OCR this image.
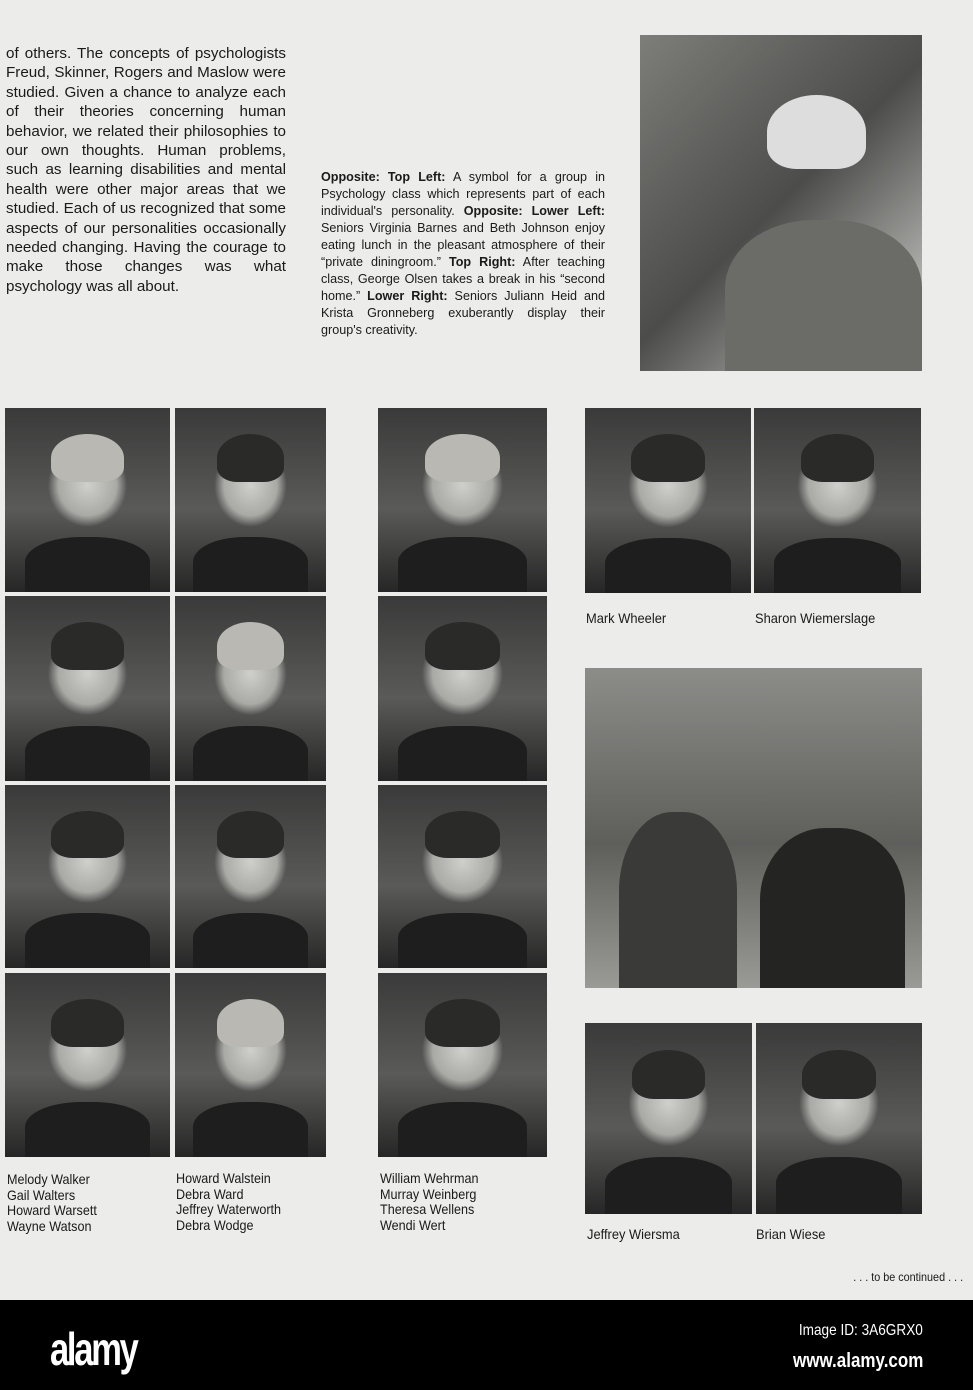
of others. The concepts of psychologists Freud, Skinner, Rogers and Maslow were studied. Given a chance to analyze each of their theories concerning human behavior, we related their philosophies to our own thoughts. Human problems, such as learning disabilities and mental health were other major areas that we studied. Each of us recognized that some aspects of our personalities occasionally needed changing. Having the courage to make those changes was what psychology was all about.
Opposite: Top Left: A symbol for a group in Psychology class which represents part of each individual's personality. Opposite: Lower Left: Seniors Virginia Barnes and Beth Johnson enjoy eating lunch in the pleasant atmosphere of their “private diningroom.” Top Right: After teaching class, George Olsen takes a break in his “second home.” Lower Right: Seniors Juliann Heid and Krista Gronneberg exuberantly display their group's creativity.
Melody Walker
Gail Walters
Howard Warsett
Wayne Watson
Howard Walstein
Debra Ward
Jeffrey Waterworth
Debra Wodge
William Wehrman
Murray Weinberg
Theresa Wellens
Wendi Wert
Mark Wheeler	Sharon Wiemerslage
Jeffrey Wiersma	Brian Wiese
. . . to be continued . . .
alamy	Image ID: 3A6GRX0
www.alamy.com
